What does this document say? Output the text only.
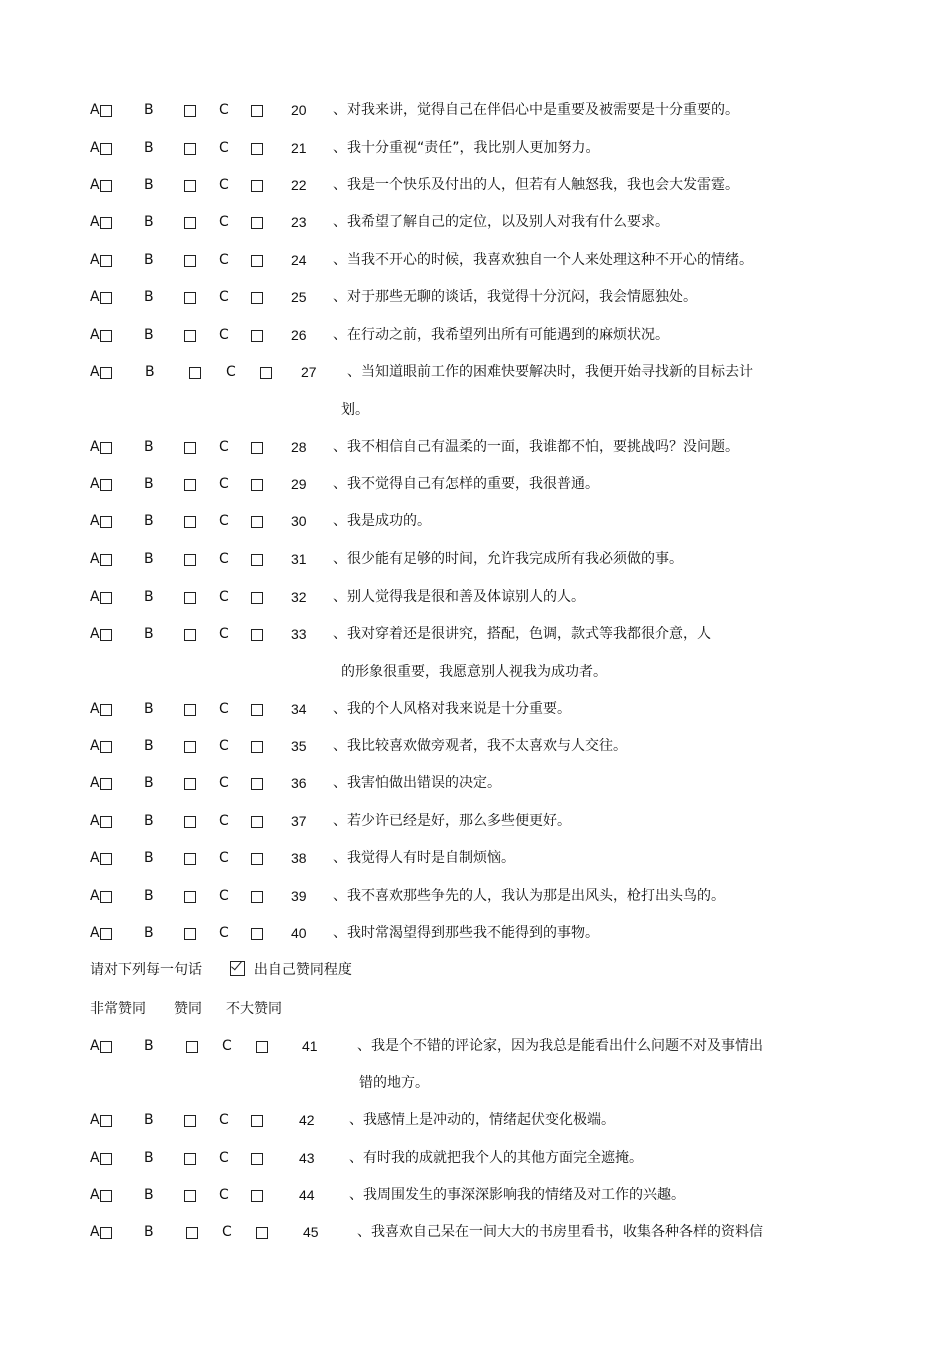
A	B	C	20 、对我来讲，觉得自己在伴侣心中是重要及被需要是十分重要的。
A	B	C	21 、我十分重视“责任”，我比别人更加努力。
A	B	C	22 、我是一个快乐及付出的人，但若有人触怒我，我也会大发雷霆。
A	B	C	23 、我希望了解自己的定位，以及别人对我有什么要求。
A	B	C	24 、当我不开心的时候，我喜欢独自一个人来处理这种不开心的情绪。
A	B	C	25 、对于那些无聊的谈话，我觉得十分沉闷，我会情愿独处。
A	B	C	26 、在行动之前，我希望列出所有可能遇到的麻烦状况。
A	B	C	27 、当知道眼前工作的困难快要解决时，我便开始寻找新的目标去计
划。
A	B	C	28 、我不相信自己有温柔的一面，我谁都不怕，要挑战吗？没问题。
A	B	C	29 、我不觉得自己有怎样的重要，我很普通。
A	B	C	30 、我是成功的。
A	B	C	31 、很少能有足够的时间，允许我完成所有我必须做的事。
A	B	C	32 、别人觉得我是很和善及体谅别人的人。
A	B	C	33 、我对穿着还是很讲究，搭配，色调，款式等我都很介意，人
的形象很重要，我愿意别人视我为成功者。
A	B	C	34 、我的个人风格对我来说是十分重要。
A	B	C	35 、我比较喜欢做旁观者，我不太喜欢与人交往。
A	B	C	36 、我害怕做出错误的决定。
A	B	C	37 、若少许已经是好，那么多些便更好。
A	B	C	38 、我觉得人有时是自制烦恼。
A	B	C	39 、我不喜欢那些争先的人，我认为那是出风头，枪打出头鸟的。
A	B	C	40 、我时常渴望得到那些我不能得到的事物。
请对下列每一句话	出自己赞同程度
非常赞同 赞同 不大赞同
A	B	C	41	、我是个不错的评论家，因为我总是能看出什么问题不对及事情出
错的地方。
A	B	C	42 、我感情上是冲动的，情绪起伏变化极端。
A	B	C	43 、有时我的成就把我个人的其他方面完全遮掩。
A	B	C	44 、我周围发生的事深深影响我的情绪及对工作的兴趣。
A	B	C	45	、我喜欢自己呆在一间大大的书房里看书，收集各种各样的资料信
